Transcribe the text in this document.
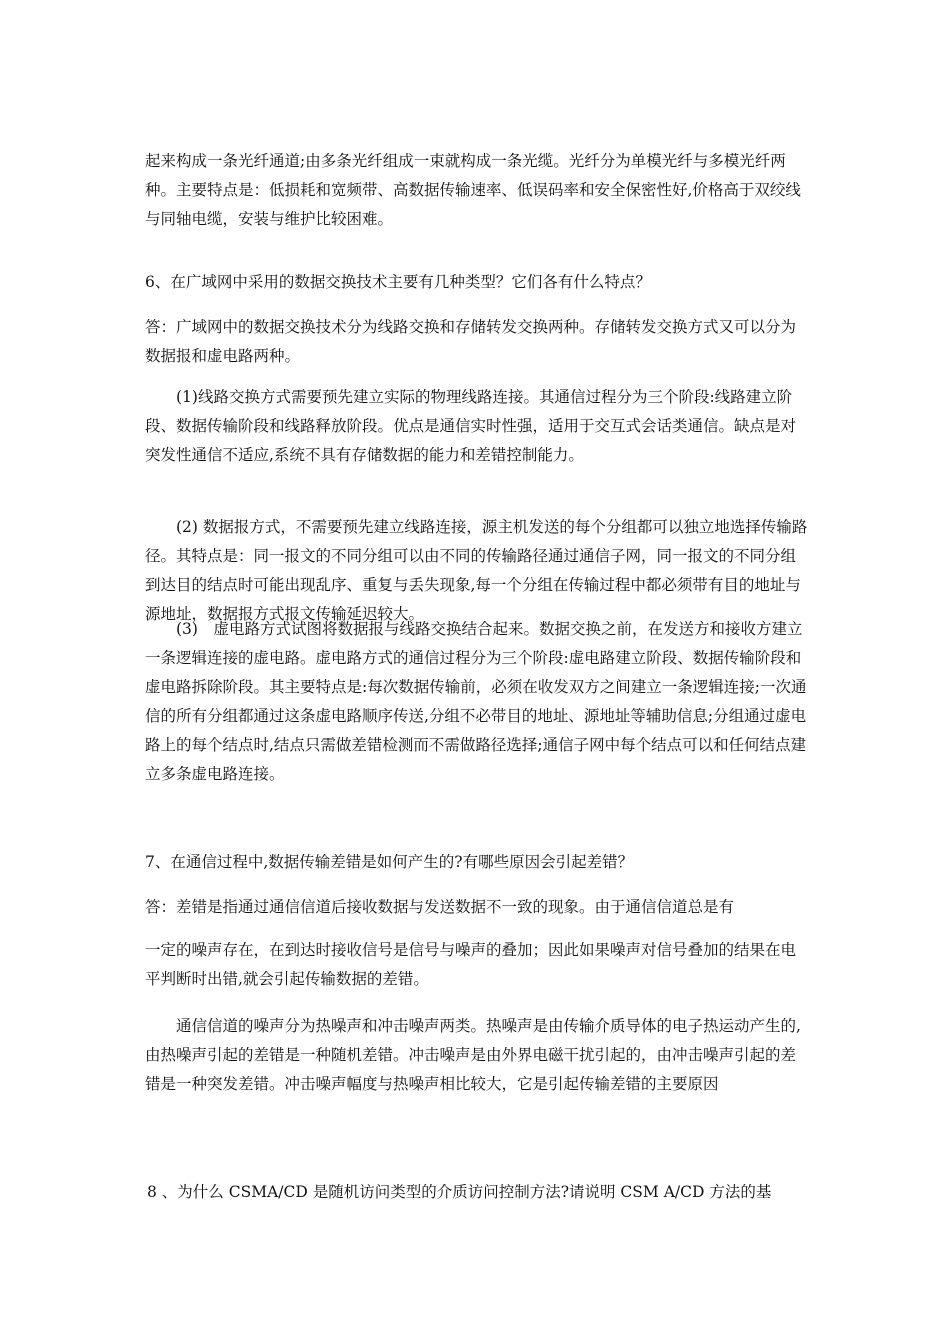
起来构成一条光纤通道;由多条光纤组成一束就构成一条光缆。光纤分为单模光纤与多模光纤两种。主要特点是：低损耗和宽频带、高数据传输速率、低误码率和安全保密性好,价格高于双绞线与同轴电缆，安装与维护比较困难。

6、在广域网中采用的数据交换技术主要有几种类型？它们各有什么特点？

答：广域网中的数据交换技术分为线路交换和存储转发交换两种。存储转发交换方式又可以分为数据报和虚电路两种。

(1)线路交换方式需要预先建立实际的物理线路连接。其通信过程分为三个阶段:线路建立阶段、数据传输阶段和线路释放阶段。优点是通信实时性强，适用于交互式会话类通信。缺点是对突发性通信不适应,系统不具有存储数据的能力和差错控制能力。

(2) 数据报方式，不需要预先建立线路连接，源主机发送的每个分组都可以独立地选择传输路径。其特点是：同一报文的不同分组可以由不同的传输路径通过通信子网，同一报文的不同分组到达目的结点时可能出现乱序、重复与丢失现象,每一个分组在传输过程中都必须带有目的地址与源地址，数据报方式报文传输延迟较大。

(3)　虚电路方式试图将数据报与线路交换结合起来。数据交换之前，在发送方和接收方建立一条逻辑连接的虚电路。虚电路方式的通信过程分为三个阶段:虚电路建立阶段、数据传输阶段和虚电路拆除阶段。其主要特点是:每次数据传输前，必须在收发双方之间建立一条逻辑连接;一次通信的所有分组都通过这条虚电路顺序传送,分组不必带目的地址、源地址等辅助信息;分组通过虚电路上的每个结点时,结点只需做差错检测而不需做路径选择;通信子网中每个结点可以和任何结点建立多条虚电路连接。

7、在通信过程中,数据传输差错是如何产生的?有哪些原因会引起差错？

答：差错是指通过通信信道后接收数据与发送数据不一致的现象。由于通信信道总是有

一定的噪声存在，在到达时接收信号是信号与噪声的叠加；因此如果噪声对信号叠加的结果在电平判断时出错,就会引起传输数据的差错。

通信信道的噪声分为热噪声和冲击噪声两类。热噪声是由传输介质导体的电子热运动产生的,由热噪声引起的差错是一种随机差错。冲击噪声是由外界电磁干扰引起的，由冲击噪声引起的差错是一种突发差错。冲击噪声幅度与热噪声相比较大，它是引起传输差错的主要原因

8 、为什么 CSMA/CD 是随机访问类型的介质访问控制方法?请说明 CSM A/CD 方法的基
